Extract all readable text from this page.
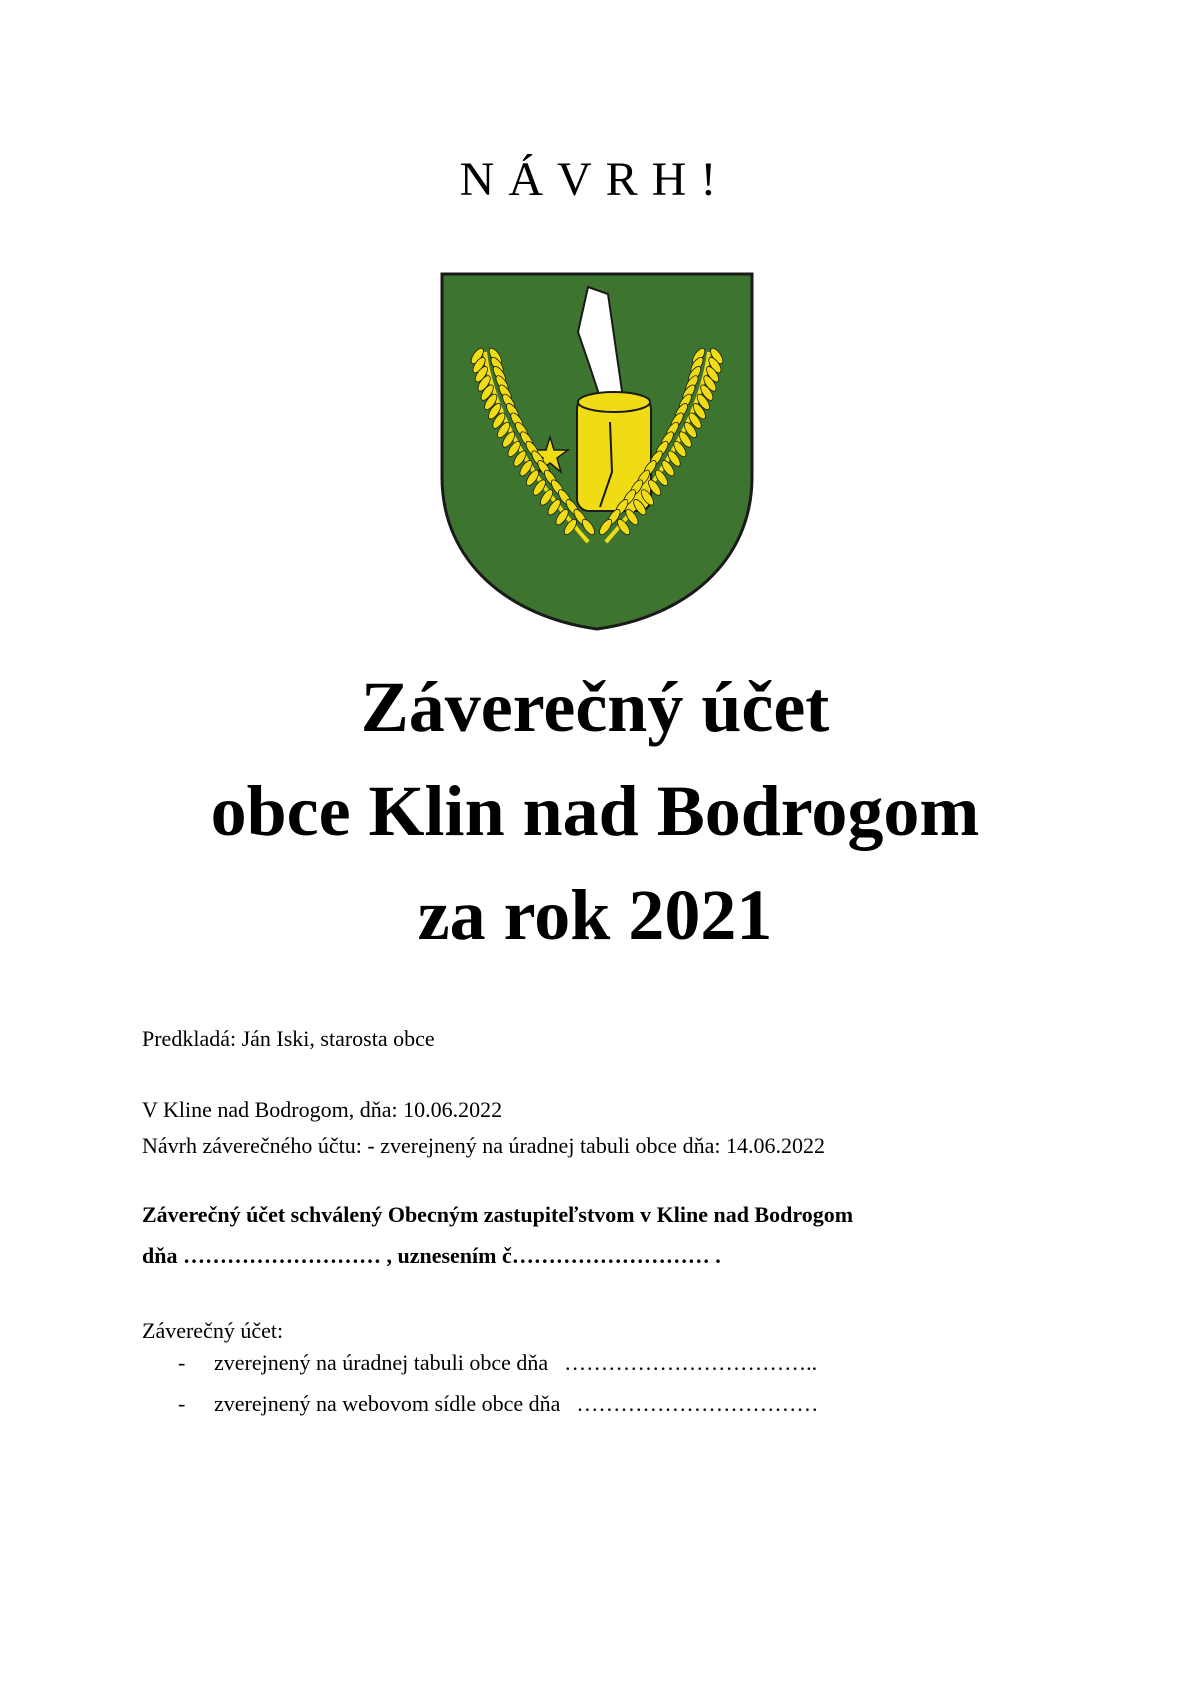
NÁVRH!
Záverečný účet
obce Klin nad Bodrogom
za rok 2021
Predkladá: Ján Iski, starosta obce
V Kline nad Bodrogom, dňa: 10.06.2022
Návrh záverečného účtu: - zverejnený na úradnej tabuli obce dňa: 14.06.2022
Záverečný účet schválený Obecným zastupiteľstvom v Kline nad Bodrogom
dňa ……………………… , uznesením č……………………… .
Záverečný účet:
- zverejnený na úradnej tabuli obce dňa ……………………………..
- zverejnený na webovom sídle obce dňa ……………………………
